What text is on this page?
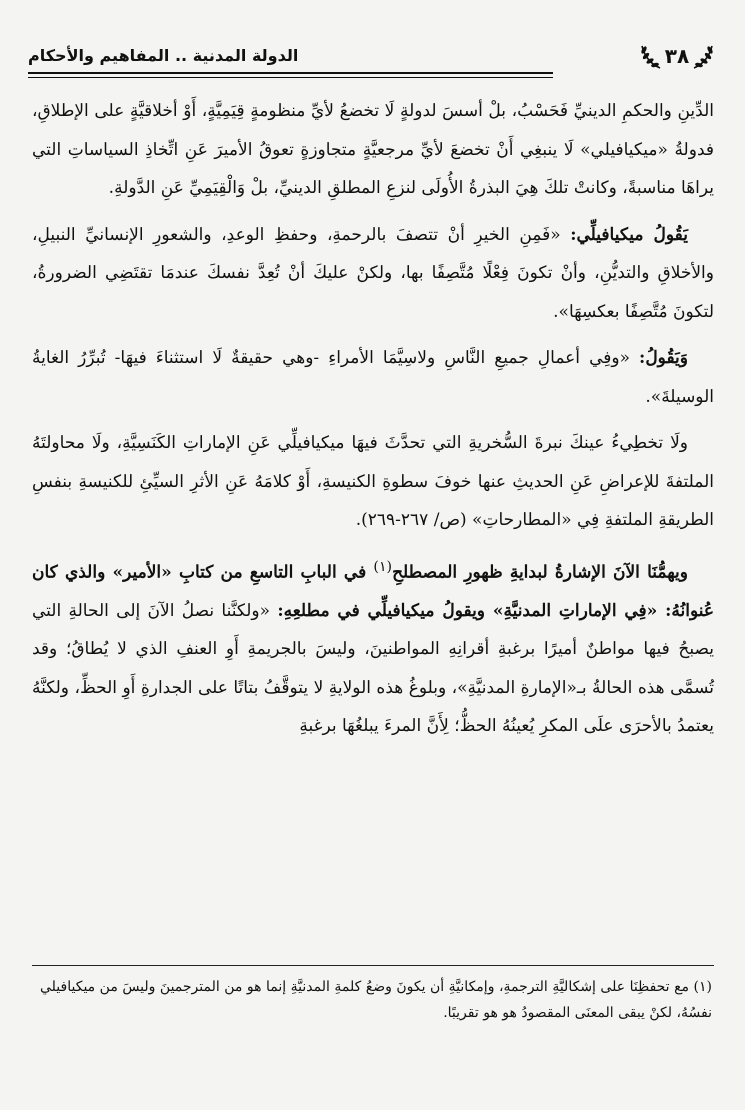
٣٨
الدولة المدنية .. المفاهيم والأحكام

الدِّينِ والحكمِ الدينيِّ فَحَسْبُ، بلْ أسسَ لدولةٍ لَا تخضعُ لأيِّ منظومةٍ قِيَمِيَّةٍ، أَوْ أخلاقيَّةٍ على الإطلاقِ، فدولةُ «ميكيافيلي» لَا ينبغِي أَنْ تخضعَ لأيِّ مرجعيَّةٍ متجاوزةٍ تعوقُ الأميرَ عَنِ اتِّخاذِ السياساتِ التي يراهَا مناسبةً، وكانتْ تلكَ هِيَ البذرةُ الأُولَى لنزعِ المطلقِ الدينيِّ، بلْ وَالْقِيَمِيِّ عَنِ الدَّولةِ.

يَقُولُ ميكيافيلِّي: «فَمِنِ الخيرِ أنْ تتصفَ بالرحمةِ، وحفظِ الوعدِ، والشعورِ الإنسانيِّ النبيلِ، والأخلاقِ والتديُّنِ، وأنْ تكونَ فِعْلًا مُتَّصِفًا بها، ولكنْ عليكَ أنْ تُعِدَّ نفسكَ عندمَا تقتَضِي الضرورةُ، لتكونَ مُتَّصِفًا بعكسِهَا».

وَيَقُولُ: «وفِي أعمالِ جميعِ النَّاسِ ولاسِيَّمَا الأمراءِ -وهي حقيقةٌ لَا استثناءَ فيهَا- تُبرِّرُ الغايةُ الوسيلةَ».

ولَا تخطِيءُ عينكَ نبرةَ السُّخريةِ التي تحدَّثَ فيهَا ميكيافيلِّي عَنِ الإماراتِ الكَنَسِيَّةِ، ولَا محاولتَهُ الملتفةَ للإعراضِ عَنِ الحديثِ عنها خوفَ سطوةِ الكنيسةِ، أَوْ كلامَهُ عَنِ الأثرِ السيِّئِ للكنيسةِ بنفسِ الطريقةِ الملتفةِ فِي «المطارحاتِ» (ص/ ٢٦٧-٢٦٩).

ويهمُّنَا الآنَ الإشارةُ لبدايةِ ظهورِ المصطلحِ$^{(١)}$ في البابِ التاسعِ من كتابِ «الأمير» والذي كان عُنوانُهُ: «فِي الإماراتِ المدنيَّةِ» ويقولُ ميكيافيلِّي في مطلعِهِ: «ولكنَّنا نصلُ الآنَ إلى الحالةِ التي يصبحُ فيها مواطنٌ أميرًا برغبةِ أقرانِهِ المواطنينَ، وليسَ بالجريمةِ أَوِ العنفِ الذي لا يُطاقُ؛ وقد تُسمَّى هذه الحالةُ بـ«الإمارةِ المدنيَّةِ»، وبلوغُ هذه الولايةِ لا يتوقَّفُ بتاتًا على الجدارةِ أَوِ الحظِّ، ولكنَّهُ يعتمدُ بالأحرَى علَى المكرِ يُعينُهُ الحظُّ؛ لِأَنَّ المرءَ يبلغُهَا برغبةِ

(١) مع تحفظِنَا على إشكاليَّةِ الترجمةِ، وإمكانيَّةِ أن يكونَ وضعُ كلمةِ المدنيَّةِ إنما هو من المترجمينَ وليسَ من ميكيافيلي نفسُهُ، لكنْ يبقى المعنَى المقصودُ هو هو تقريبًا.
